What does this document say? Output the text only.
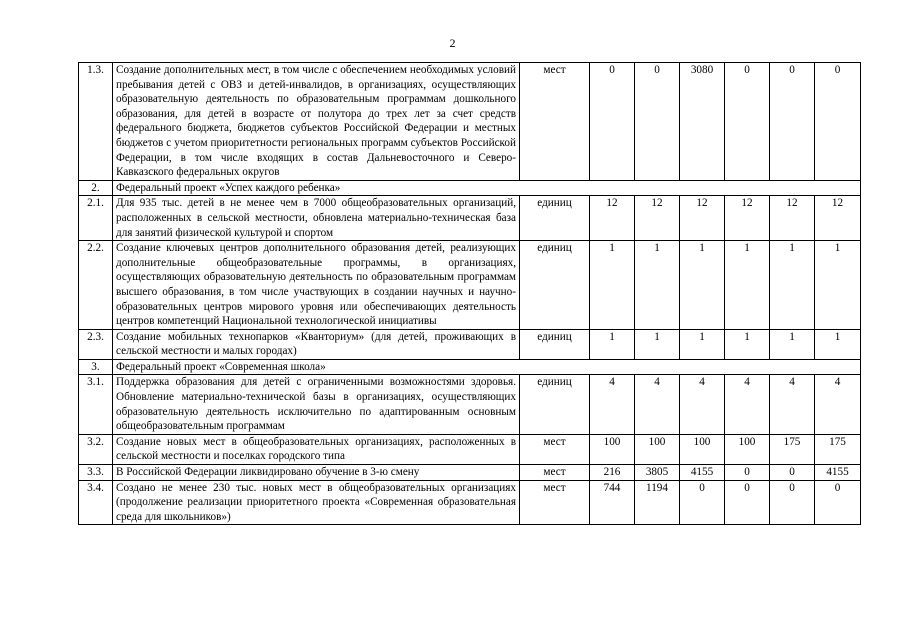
2
1.3.	Создание дополнительных мест, в том числе с обеспечением необходимых условий пребывания детей с ОВЗ и детей-инвалидов, в организациях, осуществляющих образовательную деятельность по образовательным программам дошкольного образования, для детей в возрасте от полутора до трех лет за счет средств федерального бюджета, бюджетов субъектов Российской Федерации и местных бюджетов с учетом приоритетности региональных программ субъектов Российской Федерации, в том числе входящих в состав Дальневосточного и Северо-Кавказского федеральных округов	мест	0	0	3080	0	0	0
2.	Федеральный проект «Успех каждого ребенка»							
2.1.	Для 935 тыс. детей в не менее чем в 7000 общеобразовательных организаций, расположенных в сельской местности, обновлена материально-техническая база для занятий физической культурой и спортом	единиц	12	12	12	12	12	12
2.2.	Создание ключевых центров дополнительного образования детей, реализующих дополнительные общеобразовательные программы, в организациях, осуществляющих образовательную деятельность по образовательным программам высшего образования, в том числе участвующих в создании научных и научно-образовательных центров мирового уровня или обеспечивающих деятельность центров компетенций Национальной технологической инициативы	единиц	1	1	1	1	1	1
2.3.	Создание мобильных технопарков «Кванториум» (для детей, проживающих в сельской местности и малых городах)	единиц	1	1	1	1	1	1
3.	Федеральный проект «Современная школа»							
3.1.	Поддержка образования для детей с ограниченными возможностями здоровья. Обновление материально-технической базы в организациях, осуществляющих образовательную деятельность исключительно по адаптированным основным общеобразовательным программам	единиц	4	4	4	4	4	4
3.2.	Создание новых мест в общеобразовательных организациях, расположенных в сельской местности и поселках городского типа	мест	100	100	100	100	175	175
3.3.	В Российской Федерации ликвидировано обучение в 3-ю смену	мест	216	3805	4155	0	0	4155
3.4.	Создано не менее 230 тыс. новых мест в общеобразовательных организациях (продолжение реализации приоритетного проекта «Современная образовательная среда для школьников»)	мест	744	1194	0	0	0	0
